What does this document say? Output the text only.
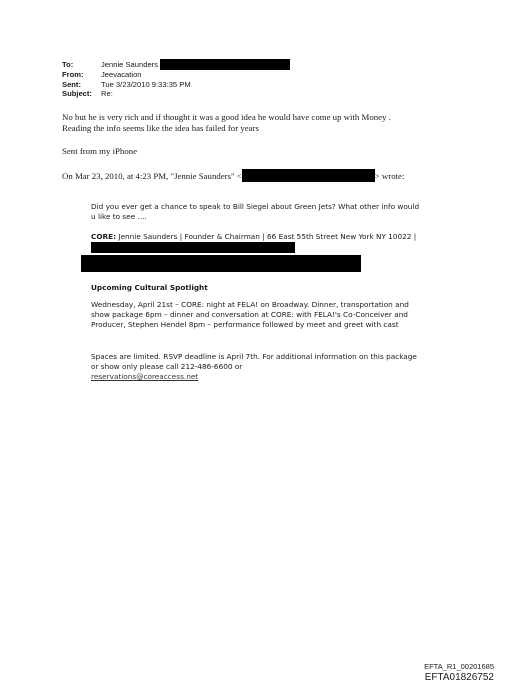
To:	Jennie Saunders
From:	Jeevacation
Sent:	Tue 3/23/2010 9:33:35 PM
Subject:	Re:
No but he is very rich and if thought it was a good idea he would have come up with Money .
Reading the info seems like the idea has failed for years
Sent from my iPhone
On Mar 23, 2010, at 4:23 PM, "Jennie Saunders" <	> wrote:
Did you ever get a chance to speak to Bill Siegel about Green Jets? What other info would u like to see ....
CORE: Jennie Saunders | Founder & Chairman | 66 East 55th Street New York NY 10022 |
Upcoming Cultural Spotlight
Wednesday, April 21st – CORE: night at FELA! on Broadway. Dinner, transportation and show package 6pm – dinner and conversation at CORE: with FELA!'s Co-Conceiver and Producer, Stephen Hendel 8pm – performance followed by meet and greet with cast
Spaces are limited. RSVP deadline is April 7th. For additional information on this package or show only please call 212-486-6600 or
reservations@coreaccess.net
EFTA_R1_00201685
EFTA01826752
